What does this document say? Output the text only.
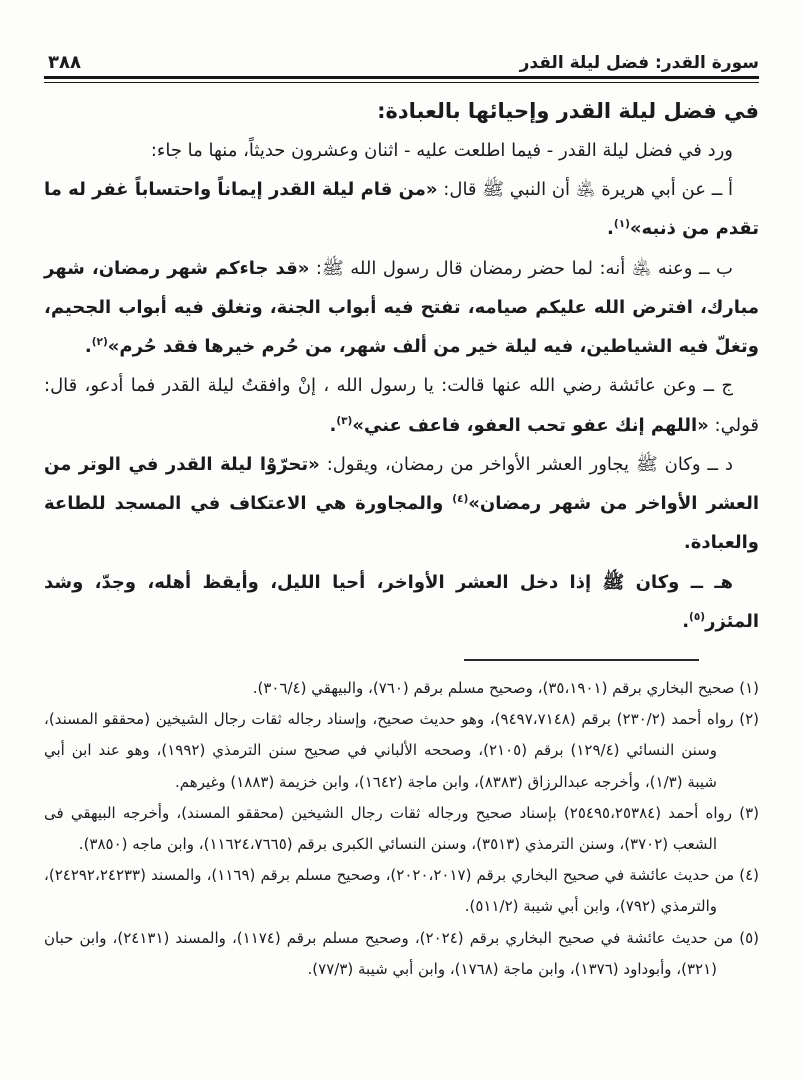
سورة القدر: فضل ليلة القدر
٣٨٨
في فضل ليلة القدر وإحيائها بالعبادة:

ورد في فضل ليلة القدر - فيما اطلعت عليه - اثنان وعشرون حديثاً، منها ما جاء:

أ ــ عن أبي هريرة ﵁ أن النبي ﷺ قال: «من قام ليلة القدر إيماناً واحتساباً غفر له ما تقدم من ذنبه»$^{(١)}$.

ب ــ وعنه ﵁ أنه: لما حضر رمضان قال رسول الله ﷺ: «قد جاءكم شهر رمضان، شهر مبارك، افترض الله عليكم صيامه، تفتح فيه أبواب الجنة، وتغلق فيه أبواب الجحيم، وتغلّ فيه الشياطين، فيه ليلة خير من ألف شهر، من حُرم خيرها فقد حُرم»$^{(٢)}$.

ج ــ وعن عائشة رضي الله عنها قالت: يا رسول الله ، إنْ وافقتُ ليلة القدر فما أدعو، قال: قولي: «اللهم إنك عفو تحب العفو، فاعف عني»$^{(٣)}$.

د ــ وكان ﷺ يجاور العشر الأواخر من رمضان، ويقول: «تحرّوْا ليلة القدر في الوتر من العشر الأواخر من شهر رمضان»$^{(٤)}$ والمجاورة هي الاعتكاف في المسجد للطاعة والعبادة.

هـ ــ وكان ﷺ إذا دخل العشر الأواخر، أحيا الليل، وأيقظ أهله، وجدّ، وشد المئزر$^{(٥)}$.

(١) صحيح البخاري برقم (٣٥،١٩٠١)، وصحيح مسلم برقم (٧٦٠)، والبيهقي (٣٠٦/٤).

(٢) رواه أحمد (٢٣٠/٢) برقم (٩٤٩٧،٧١٤٨)، وهو حديث صحيح، وإسناد رجاله ثقات رجال الشيخين (محققو المسند)، وسنن النسائي (١٢٩/٤) برقم (٢١٠٥)، وصححه الألباني في صحيح سنن الترمذي (١٩٩٢)، وهو عند ابن أبي شيبة (١/٣)، وأخرجه عبدالرزاق (٨٣٨٣)، وابن ماجة (١٦٤٢)، وابن خزيمة (١٨٨٣) وغيرهم.

(٣) رواه أحمد (٢٥٤٩٥،٢٥٣٨٤) بإسناد صحيح ورجاله ثقات رجال الشيخين (محققو المسند)، وأخرجه البيهقي فى الشعب (٣٧٠٢)، وسنن الترمذي (٣٥١٣)، وسنن النسائي الكبرى برقم (١١٦٢٤،٧٦٦٥)، وابن ماجه (٣٨٥٠).

(٤) من حديث عائشة في صحيح البخاري برقم (٢٠٢٠،٢٠١٧)، وصحيح مسلم برقم (١١٦٩)، والمسند (٢٤٢٩٢،٢٤٢٣٣)، والترمذي (٧٩٢)، وابن أبي شيبة (٥١١/٢).

(٥) من حديث عائشة في صحيح البخاري برقم (٢٠٢٤)، وصحيح مسلم برقم (١١٧٤)، والمسند (٢٤١٣١)، وابن حبان (٣٢١)، وأبوداود (١٣٧٦)، وابن ماجة (١٧٦٨)، وابن أبي شيبة (٧٧/٣).
